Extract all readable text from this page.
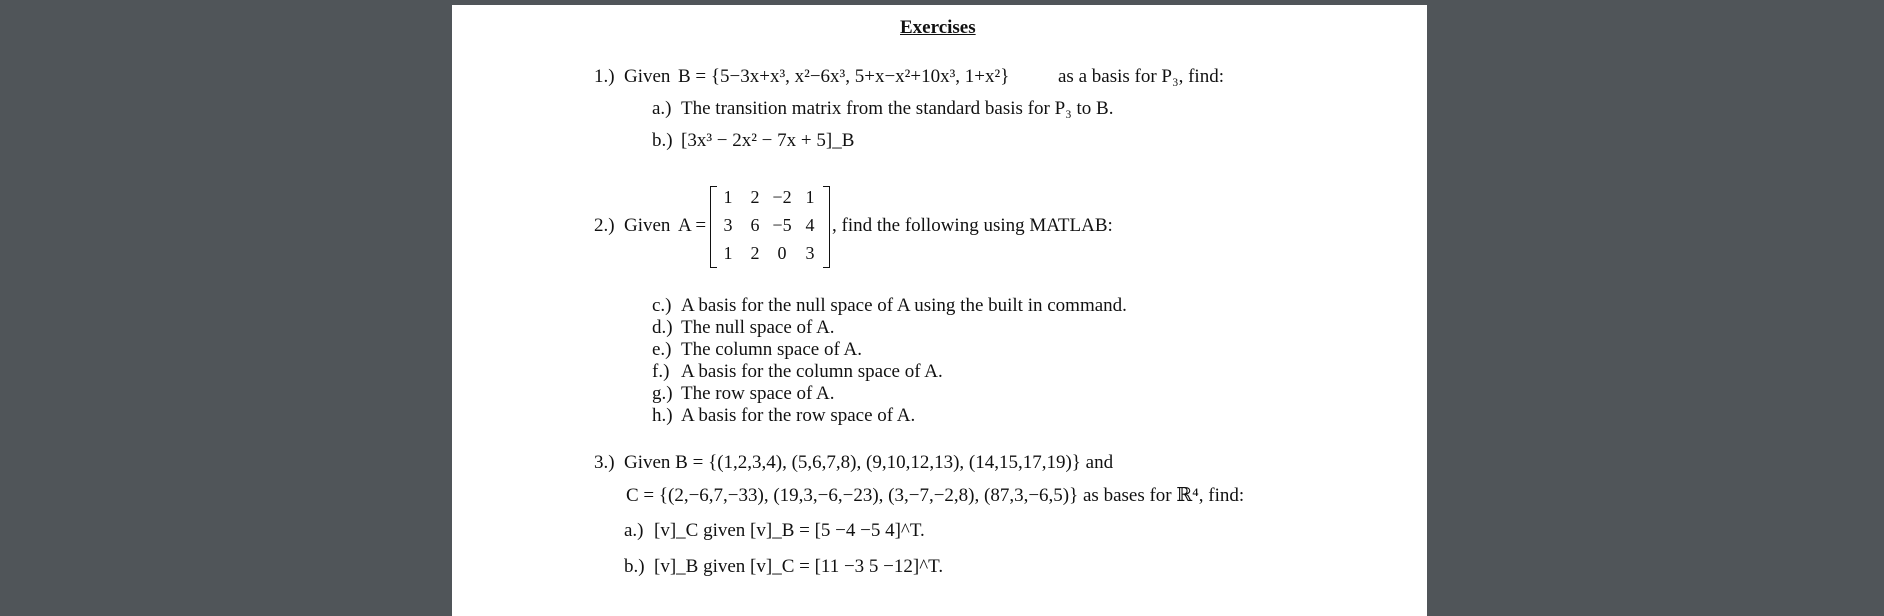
Exercises
1.) Given B = {5−3x+x³, x²−6x³, 5+x−x²+10x³, 1+x²}	as a basis for P₃, find:
a.) The transition matrix from the standard basis for P₃ to B.
b.) [3x³ − 2x² − 7x + 5]_B
2.) Given A =
1	2 −2 1
3	6 −5 4
1	2	0	3
, find the following using MATLAB:
c.) A basis for the null space of A using the built in command.
d.) The null space of A.
e.) The column space of A.
f.) A basis for the column space of A.
g.) The row space of A.
h.) A basis for the row space of A.
3.) Given B = {(1,2,3,4), (5,6,7,8), (9,10,12,13), (14,15,17,19)} and
C = {(2,−6,7,−33), (19,3,−6,−23), (3,−7,−2,8), (87,3,−6,5)} as bases for ℝ⁴, find:
a.) [v]_C given [v]_B = [5 −4 −5 4]^T.
b.) [v]_B given [v]_C = [11 −3 5 −12]^T.
